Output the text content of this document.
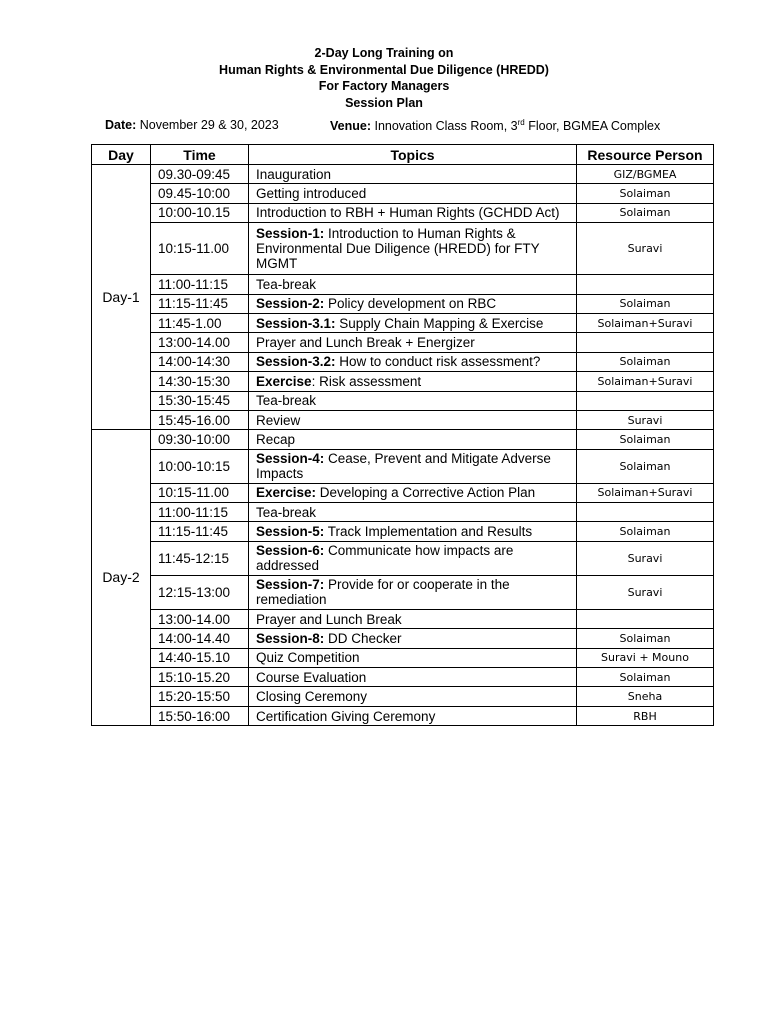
2-Day Long Training on
Human Rights & Environmental Due Diligence (HREDD)
For Factory Managers
Session Plan
Date: November 29 & 30, 2023	Venue: Innovation Class Room, 3rd Floor, BGMEA Complex
Day	Time	Topics	Resource Person
Day-1	09.30-09:45	Inauguration	GIZ/BGMEA
	09.45-10:00	Getting introduced	Solaiman
	10:00-10.15	Introduction to RBH + Human Rights (GCHDD Act)	Solaiman
	10:15-11.00	Session-1: Introduction to Human Rights & Environmental Due Diligence (HREDD) for FTY MGMT	Suravi
	11:00-11:15	Tea-break	
	11:15-11:45	Session-2: Policy development on RBC	Solaiman
	11:45-1.00	Session-3.1: Supply Chain Mapping & Exercise	Solaiman+Suravi
	13:00-14.00	Prayer and Lunch Break + Energizer	
	14:00-14:30	Session-3.2: How to conduct risk assessment?	Solaiman
	14:30-15:30	Exercise: Risk assessment	Solaiman+Suravi
	15:30-15:45	Tea-break	
	15:45-16.00	Review	Suravi
Day-2	09:30-10:00	Recap	Solaiman
	10:00-10:15	Session-4: Cease, Prevent and Mitigate Adverse Impacts	Solaiman
	10:15-11.00	Exercise: Developing a Corrective Action Plan	Solaiman+Suravi
	11:00-11:15	Tea-break	
	11:15-11:45	Session-5: Track Implementation and Results	Solaiman
	11:45-12:15	Session-6: Communicate how impacts are addressed	Suravi
	12:15-13:00	Session-7: Provide for or cooperate in the remediation	Suravi
	13:00-14.00	Prayer and Lunch Break	
	14:00-14.40	Session-8: DD Checker	Solaiman
	14:40-15.10	Quiz Competition	Suravi + Mouno
	15:10-15.20	Course Evaluation	Solaiman
	15:20-15:50	Closing Ceremony	Sneha
	15:50-16:00	Certification Giving Ceremony	RBH
